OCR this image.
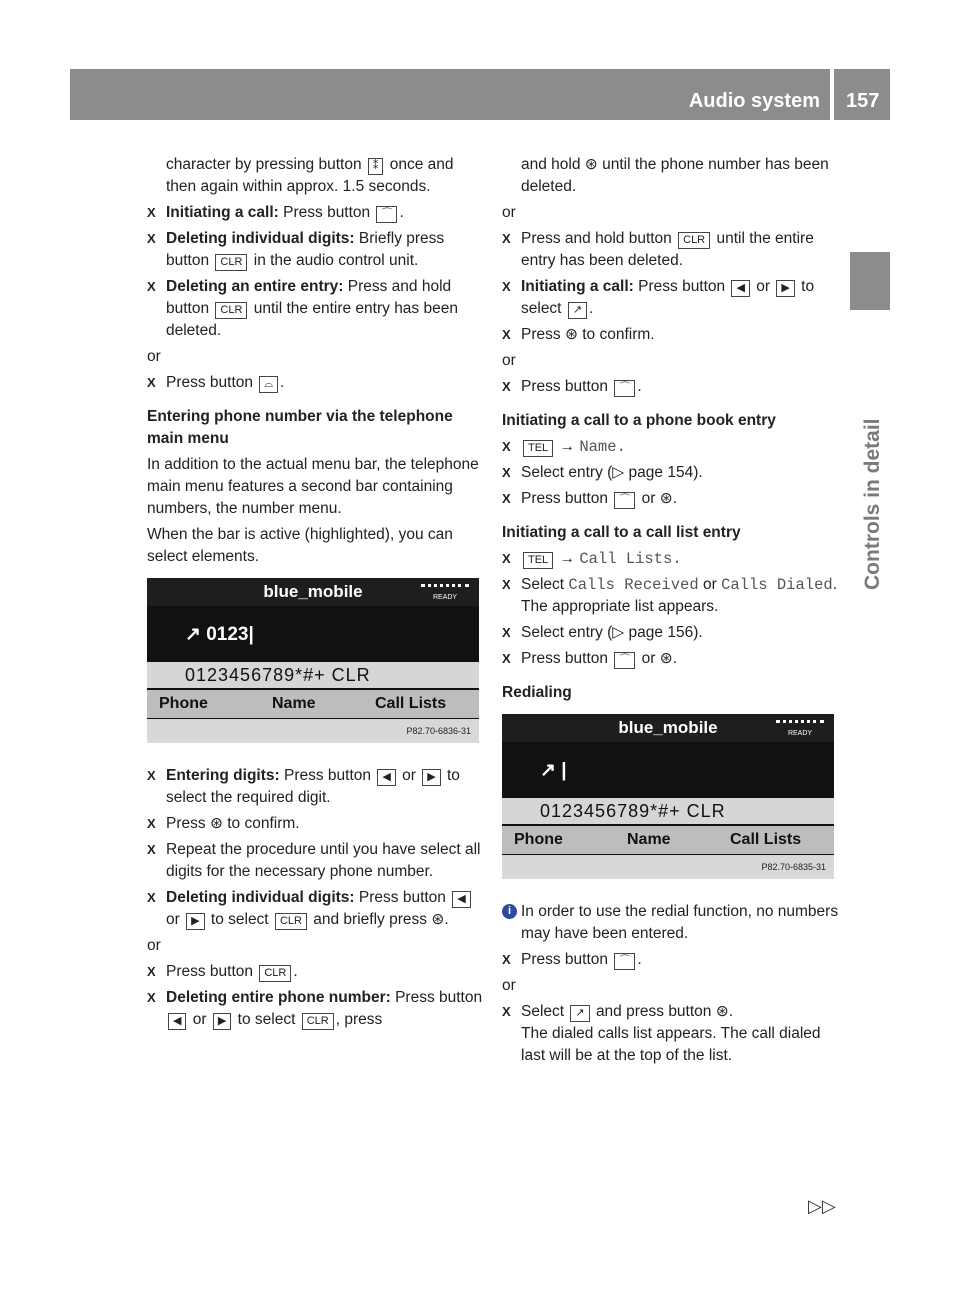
Audio system 157
Controls in detail
character by pressing button ⁑ once and then again within approx. 1.5 seconds.
X Initiating a call: Press button ⌒ .
X Deleting individual digits: Briefly press button CLR in the audio control unit.
X Deleting an entire entry: Press and hold button CLR until the entire entry has been deleted.
or
X Press button ⌓ .
Entering phone number via the telephone main menu
In addition to the actual menu bar, the telephone main menu features a second bar containing numbers, the number menu.
When the bar is active (highlighted), you can select elements.
blue_mobile	READY
↗ 0123|
0123456789*#+ CLR
Phone	Name	Call Lists
P82.70-6836-31
X Entering digits: Press button ◀ or ▶ to select the required digit.
X Press ⊛ to confirm.
X Repeat the procedure until you have select all digits for the necessary phone number.
X Deleting individual digits: Press button ◀ or ▶ to select CLR and briefly press ⊛.
or
X Press button CLR .
X Deleting entire phone number: Press button ◀ or ▶ to select CLR , press
and hold ⊛ until the phone number has been deleted.
or
X Press and hold button CLR until the entire entry has been deleted.
X Initiating a call: Press button ◀ or ▶ to select ↗ .
X Press ⊛ to confirm.
or
X Press button ⌒ .
Initiating a call to a phone book entry
X TEL → Name.
X Select entry (▷ page 154).
X Press button ⌒ or ⊛.
Initiating a call to a call list entry
X TEL → Call Lists.
X Select Calls Received or Calls Dialed.
The appropriate list appears.
X Select entry (▷ page 156).
X Press button ⌒ or ⊛.
Redialing
blue_mobile	READY
↗ |
0123456789*#+ CLR
Phone	Name	Call Lists
P82.70-6835-31
i In order to use the redial function, no numbers may have been entered.
X Press button ⌒ .
or
X Select ↗ and press button ⊛.
The dialed calls list appears. The call dialed last will be at the top of the list.
▷▷
